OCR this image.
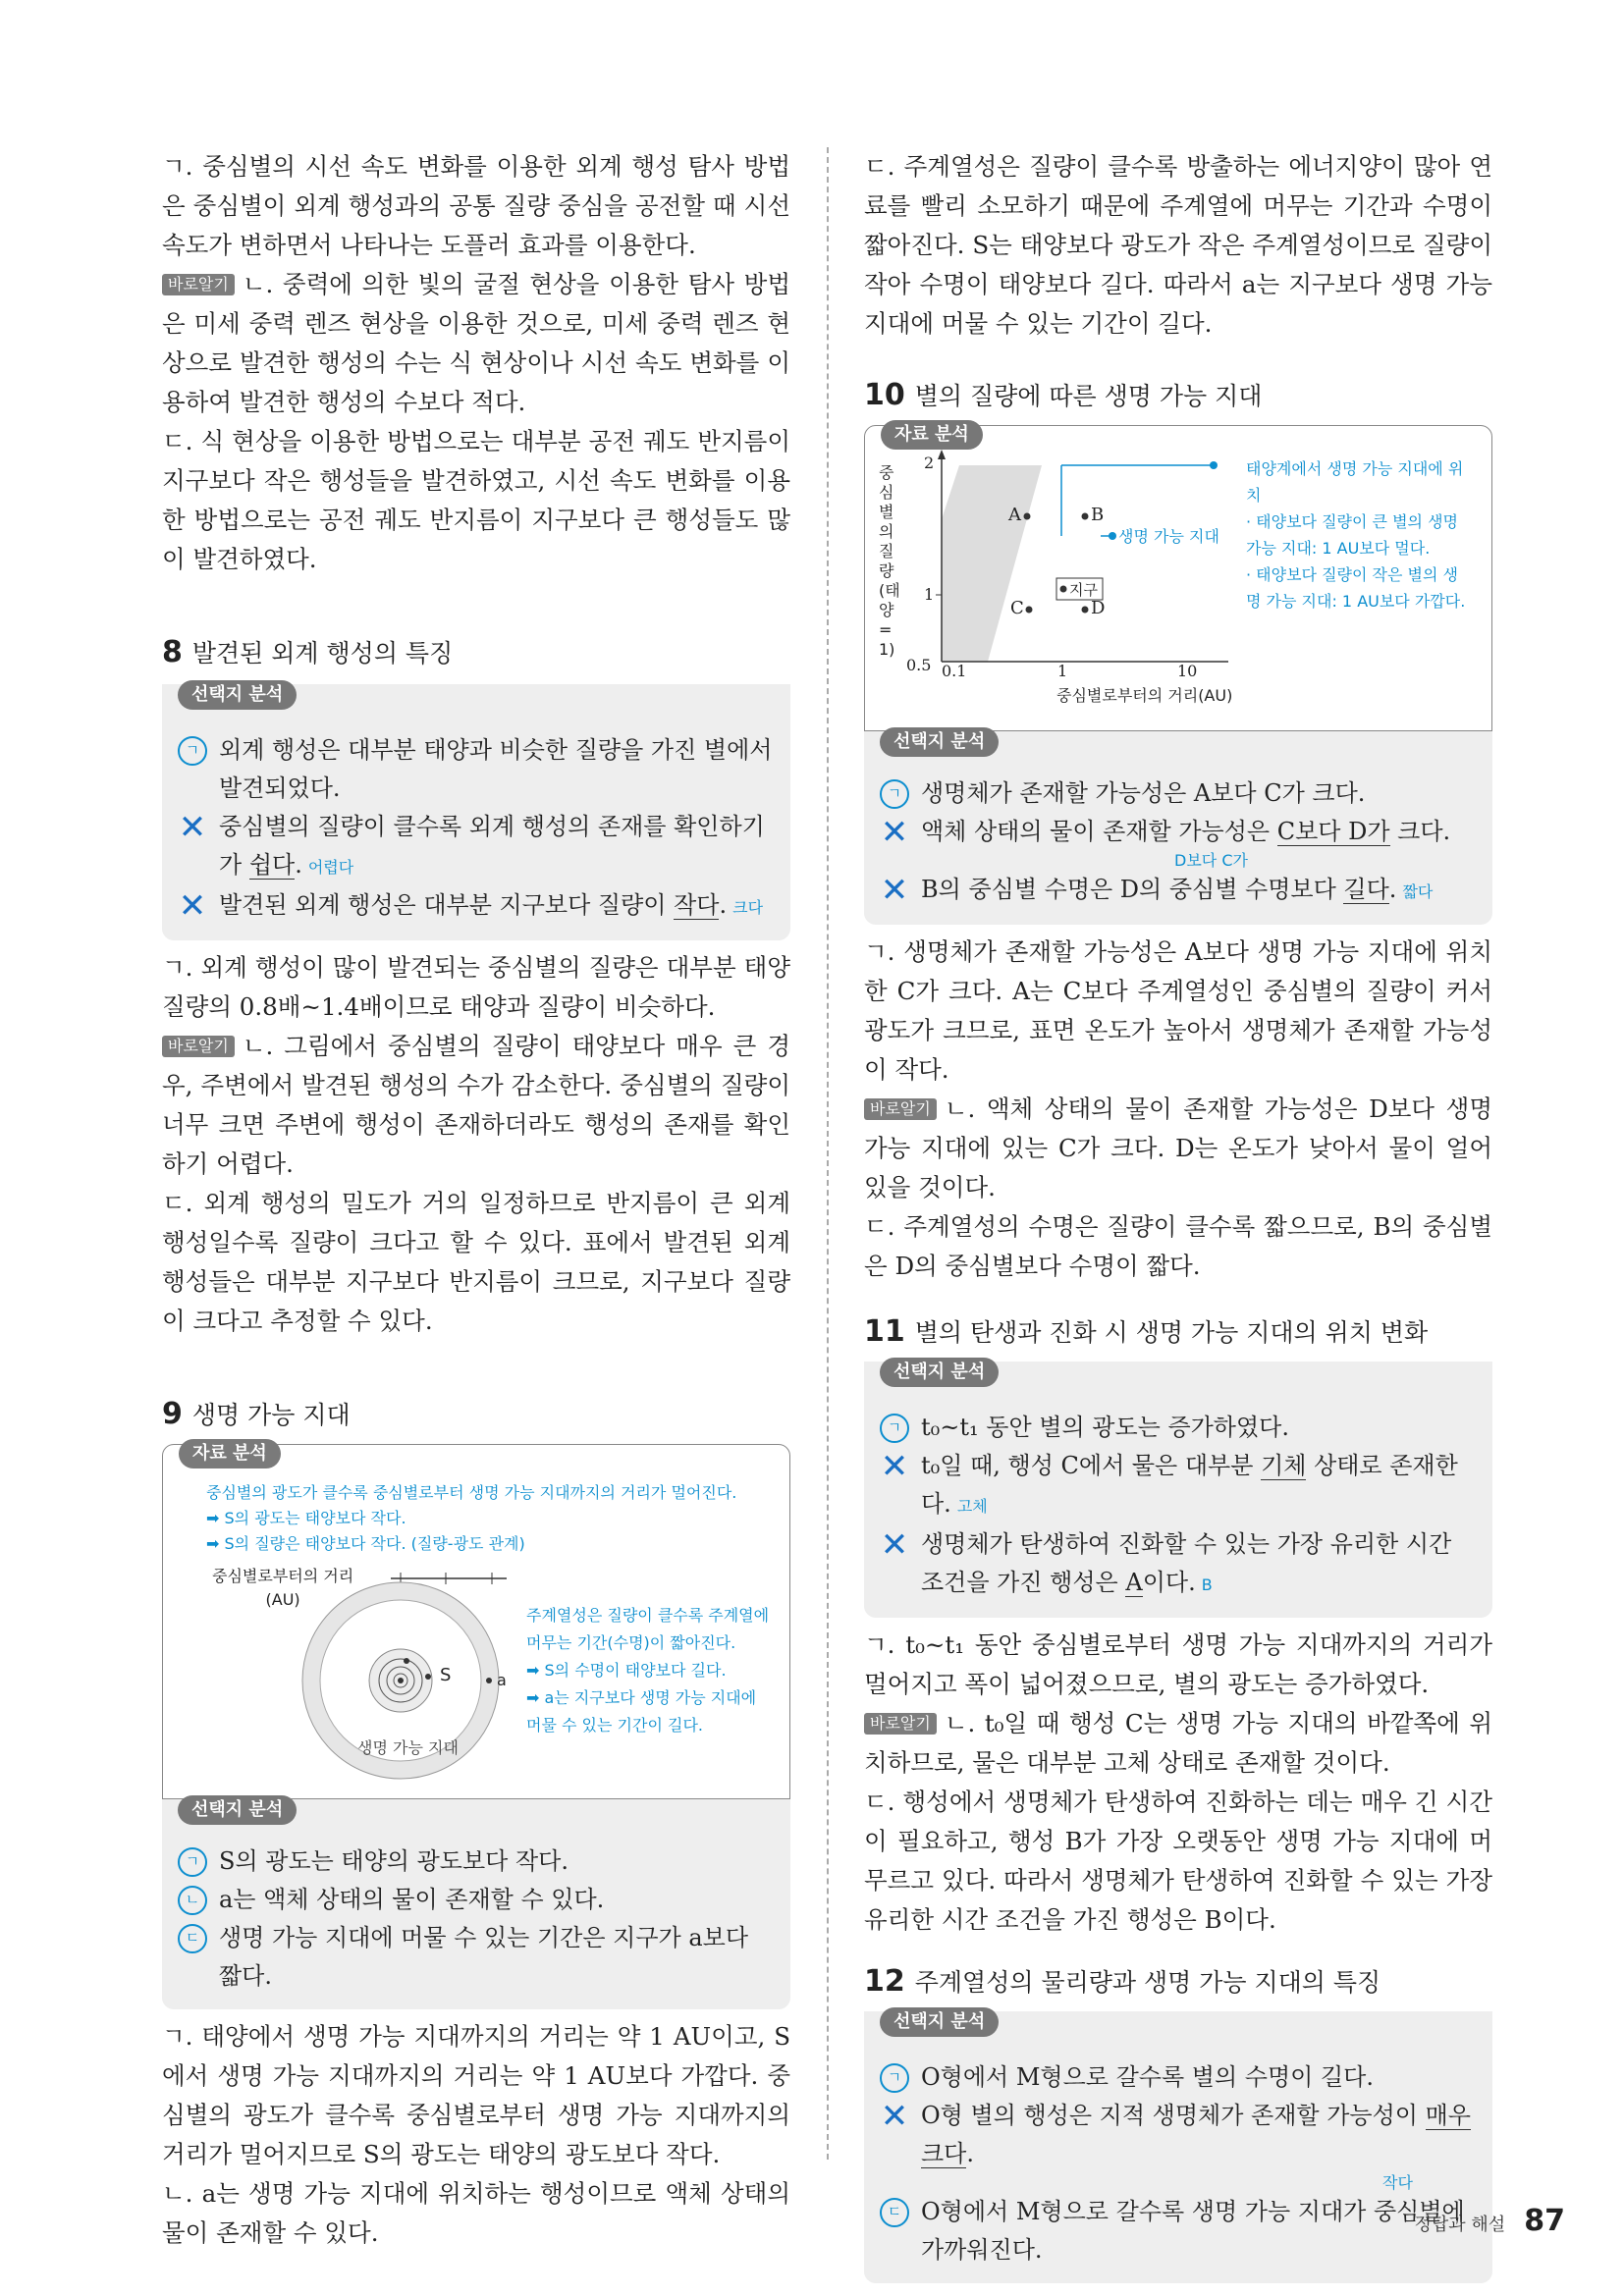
ㄱ. 중심별의 시선 속도 변화를 이용한 외계 행성 탐사 방법은 중심별이 외계 행성과의 공통 질량 중심을 공전할 때 시선 속도가 변하면서 나타나는 도플러 효과를 이용한다.

바로알기 ㄴ. 중력에 의한 빛의 굴절 현상을 이용한 탐사 방법은 미세 중력 렌즈 현상을 이용한 것으로, 미세 중력 렌즈 현상으로 발견한 행성의 수는 식 현상이나 시선 속도 변화를 이용하여 발견한 행성의 수보다 적다.

ㄷ. 식 현상을 이용한 방법으로는 대부분 공전 궤도 반지름이 지구보다 작은 행성들을 발견하였고, 시선 속도 변화를 이용한 방법으로는 공전 궤도 반지름이 지구보다 큰 행성들도 많이 발견하였다.

8 발견된 외계 행성의 특징
선택지 분석
ㄱ 외계 행성은 대부분 태양과 비슷한 질량을 가진 별에서 발견되었다.
✕ 중심별의 질량이 클수록 외계 행성의 존재를 확인하기가 쉽다. 어렵다
✕ 발견된 외계 행성은 대부분 지구보다 질량이 작다. 크다

ㄱ. 외계 행성이 많이 발견되는 중심별의 질량은 대부분 태양 질량의 0.8배~1.4배이므로 태양과 질량이 비슷하다.

바로알기 ㄴ. 그림에서 중심별의 질량이 태양보다 매우 큰 경우, 주변에서 발견된 행성의 수가 감소한다. 중심별의 질량이 너무 크면 주변에 행성이 존재하더라도 행성의 존재를 확인하기 어렵다.

ㄷ. 외계 행성의 밀도가 거의 일정하므로 반지름이 큰 외계 행성일수록 질량이 크다고 할 수 있다. 표에서 발견된 외계 행성들은 대부분 지구보다 반지름이 크므로, 지구보다 질량이 크다고 추정할 수 있다.

9 생명 가능 지대
자료 분석
중심별의 광도가 클수록 중심별로부터 생명 가능 지대까지의 거리가 멀어진다.
➡ S의 광도는 태양보다 작다.
➡ S의 질량은 태양보다 작다. (질량-광도 관계)
중심별로부터의 거리
(AU)
S	a
생명 가능 지대
주계열성은 질량이 클수록 주계열에 머무는 기간(수명)이 짧아진다.
➡ S의 수명이 태양보다 길다.
➡ a는 지구보다 생명 가능 지대에 머물 수 있는 기간이 길다.
선택지 분석
ㄱ S의 광도는 태양의 광도보다 작다.
ㄴ a는 액체 상태의 물이 존재할 수 있다.
ㄷ 생명 가능 지대에 머물 수 있는 기간은 지구가 a보다 짧다.

ㄱ. 태양에서 생명 가능 지대까지의 거리는 약 1 AU이고, S에서 생명 가능 지대까지의 거리는 약 1 AU보다 가깝다. 중심별의 광도가 클수록 중심별로부터 생명 가능 지대까지의 거리가 멀어지므로 S의 광도는 태양의 광도보다 작다.

ㄴ. a는 생명 가능 지대에 위치하는 행성이므로 액체 상태의 물이 존재할 수 있다.

ㄷ. 주계열성은 질량이 클수록 방출하는 에너지양이 많아 연료를 빨리 소모하기 때문에 주계열에 머무는 기간과 수명이 짧아진다. S는 태양보다 광도가 작은 주계열성이므로 질량이 작아 수명이 태양보다 길다. 따라서 a는 지구보다 생명 가능 지대에 머물 수 있는 기간이 길다.

10 별의 질량에 따른 생명 가능 지대
자료 분석
중심별의 질량(태양=1)
2
1
0.5 0.1	1	10
A	B
C	D
지구
생명 가능 지대
중심별로부터의 거리(AU)
태양계에서 생명 가능 지대에 위치
· 태양보다 질량이 큰 별의 생명 가능 지대: 1 AU보다 멀다.
· 태양보다 질량이 작은 별의 생명 가능 지대: 1 AU보다 가깝다.
선택지 분석
ㄱ 생명체가 존재할 가능성은 A보다 C가 크다.
✕ 액체 상태의 물이 존재할 가능성은 C보다 D가 크다.
D보다 C가
✕ B의 중심별 수명은 D의 중심별 수명보다 길다. 짧다

ㄱ. 생명체가 존재할 가능성은 A보다 생명 가능 지대에 위치한 C가 크다. A는 C보다 주계열성인 중심별의 질량이 커서 광도가 크므로, 표면 온도가 높아서 생명체가 존재할 가능성이 작다.

바로알기 ㄴ. 액체 상태의 물이 존재할 가능성은 D보다 생명 가능 지대에 있는 C가 크다. D는 온도가 낮아서 물이 얼어 있을 것이다.

ㄷ. 주계열성의 수명은 질량이 클수록 짧으므로, B의 중심별은 D의 중심별보다 수명이 짧다.

11 별의 탄생과 진화 시 생명 가능 지대의 위치 변화
선택지 분석
ㄱ t₀~t₁ 동안 별의 광도는 증가하였다.
✕ t₀일 때, 행성 C에서 물은 대부분 기체 상태로 존재한다. 고체
✕ 생명체가 탄생하여 진화할 수 있는 가장 유리한 시간 조건을 가진 행성은 A이다. B

ㄱ. t₀~t₁ 동안 중심별로부터 생명 가능 지대까지의 거리가 멀어지고 폭이 넓어졌으므로, 별의 광도는 증가하였다.

바로알기 ㄴ. t₀일 때 행성 C는 생명 가능 지대의 바깥쪽에 위치하므로, 물은 대부분 고체 상태로 존재할 것이다.

ㄷ. 행성에서 생명체가 탄생하여 진화하는 데는 매우 긴 시간이 필요하고, 행성 B가 가장 오랫동안 생명 가능 지대에 머무르고 있다. 따라서 생명체가 탄생하여 진화할 수 있는 가장 유리한 시간 조건을 가진 행성은 B이다.

12 주계열성의 물리량과 생명 가능 지대의 특징
선택지 분석
ㄱ O형에서 M형으로 갈수록 별의 수명이 길다.
✕ O형 별의 행성은 지적 생명체가 존재할 가능성이 매우 크다.
작다
ㄷ O형에서 M형으로 갈수록 생명 가능 지대가 중심별에 가까워진다.
정답과 해설 87
